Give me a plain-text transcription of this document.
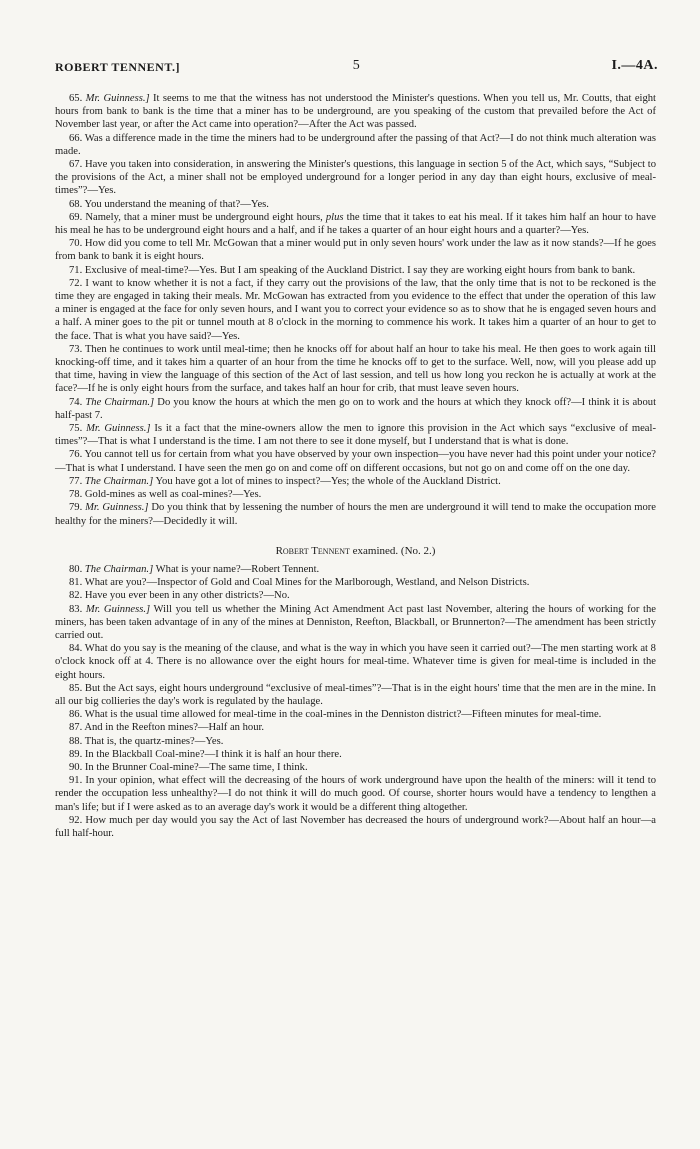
ROBERT TENNENT.]	5	I.—4A.

65. Mr. Guinness.] It seems to me that the witness has not understood the Minister's questions. When you tell us, Mr. Coutts, that eight hours from bank to bank is the time that a miner has to be underground, are you speaking of the custom that prevailed before the Act of November last year, or after the Act came into operation?—After the Act was passed.

66. Was a difference made in the time the miners had to be underground after the passing of that Act?—I do not think much alteration was made.

67. Have you taken into consideration, in answering the Minister's questions, this language in section 5 of the Act, which says, “Subject to the provisions of the Act, a miner shall not be employed underground for a longer period in any day than eight hours, exclusive of meal-times”?—Yes.

68. You understand the meaning of that?—Yes.

69. Namely, that a miner must be underground eight hours, plus the time that it takes to eat his meal. If it takes him half an hour to have his meal he has to be underground eight hours and a half, and if he takes a quarter of an hour eight hours and a quarter?—Yes.

70. How did you come to tell Mr. McGowan that a miner would put in only seven hours' work under the law as it now stands?—If he goes from bank to bank it is eight hours.

71. Exclusive of meal-time?—Yes. But I am speaking of the Auckland District. I say they are working eight hours from bank to bank.

72. I want to know whether it is not a fact, if they carry out the provisions of the law, that the only time that is not to be reckoned is the time they are engaged in taking their meals. Mr. McGowan has extracted from you evidence to the effect that under the operation of this law a miner is engaged at the face for only seven hours, and I want you to correct your evidence so as to show that he is engaged seven hours and a half. A miner goes to the pit or tunnel mouth at 8 o'clock in the morning to commence his work. It takes him a quarter of an hour to get to the face. That is what you have said?—Yes.

73. Then he continues to work until meal-time; then he knocks off for about half an hour to take his meal. He then goes to work again till knocking-off time, and it takes him a quarter of an hour from the time he knocks off to get to the surface. Well, now, will you please add up that time, having in view the language of this section of the Act of last session, and tell us how long you reckon he is actually at work at the face?—If he is only eight hours from the surface, and takes half an hour for crib, that must leave seven hours.

74. The Chairman.] Do you know the hours at which the men go on to work and the hours at which they knock off?—I think it is about half-past 7.

75. Mr. Guinness.] Is it a fact that the mine-owners allow the men to ignore this provision in the Act which says “exclusive of meal-times”?—That is what I understand is the time. I am not there to see it done myself, but I understand that is what is done.

76. You cannot tell us for certain from what you have observed by your own inspection—you have never had this point under your notice?—That is what I understand. I have seen the men go on and come off on different occasions, but not go on and come off on the one day.

77. The Chairman.] You have got a lot of mines to inspect?—Yes; the whole of the Auckland District.

78. Gold-mines as well as coal-mines?—Yes.

79. Mr. Guinness.] Do you think that by lessening the number of hours the men are underground it will tend to make the occupation more healthy for the miners?—Decidedly it will.

Robert Tennent examined. (No. 2.)

80. The Chairman.] What is your name?—Robert Tennent.

81. What are you?—Inspector of Gold and Coal Mines for the Marlborough, Westland, and Nelson Districts.

82. Have you ever been in any other districts?—No.

83. Mr. Guinness.] Will you tell us whether the Mining Act Amendment Act past last November, altering the hours of working for the miners, has been taken advantage of in any of the mines at Denniston, Reefton, Blackball, or Brunnerton?—The amendment has been strictly carried out.

84. What do you say is the meaning of the clause, and what is the way in which you have seen it carried out?—The men starting work at 8 o'clock knock off at 4. There is no allowance over the eight hours for meal-time. Whatever time is given for meal-time is included in the eight hours.

85. But the Act says, eight hours underground “exclusive of meal-times”?—That is in the eight hours' time that the men are in the mine. In all our big collieries the day's work is regulated by the haulage.

86. What is the usual time allowed for meal-time in the coal-mines in the Denniston district?—Fifteen minutes for meal-time.

87. And in the Reefton mines?—Half an hour.

88. That is, the quartz-mines?—Yes.

89. In the Blackball Coal-mine?—I think it is half an hour there.

90. In the Brunner Coal-mine?—The same time, I think.

91. In your opinion, what effect will the decreasing of the hours of work underground have upon the health of the miners: will it tend to render the occupation less unhealthy?—I do not think it will do much good. Of course, shorter hours would have a tendency to lengthen a man's life; but if I were asked as to an average day's work it would be a different thing altogether.

92. How much per day would you say the Act of last November has decreased the hours of underground work?—About half an hour—a full half-hour.
